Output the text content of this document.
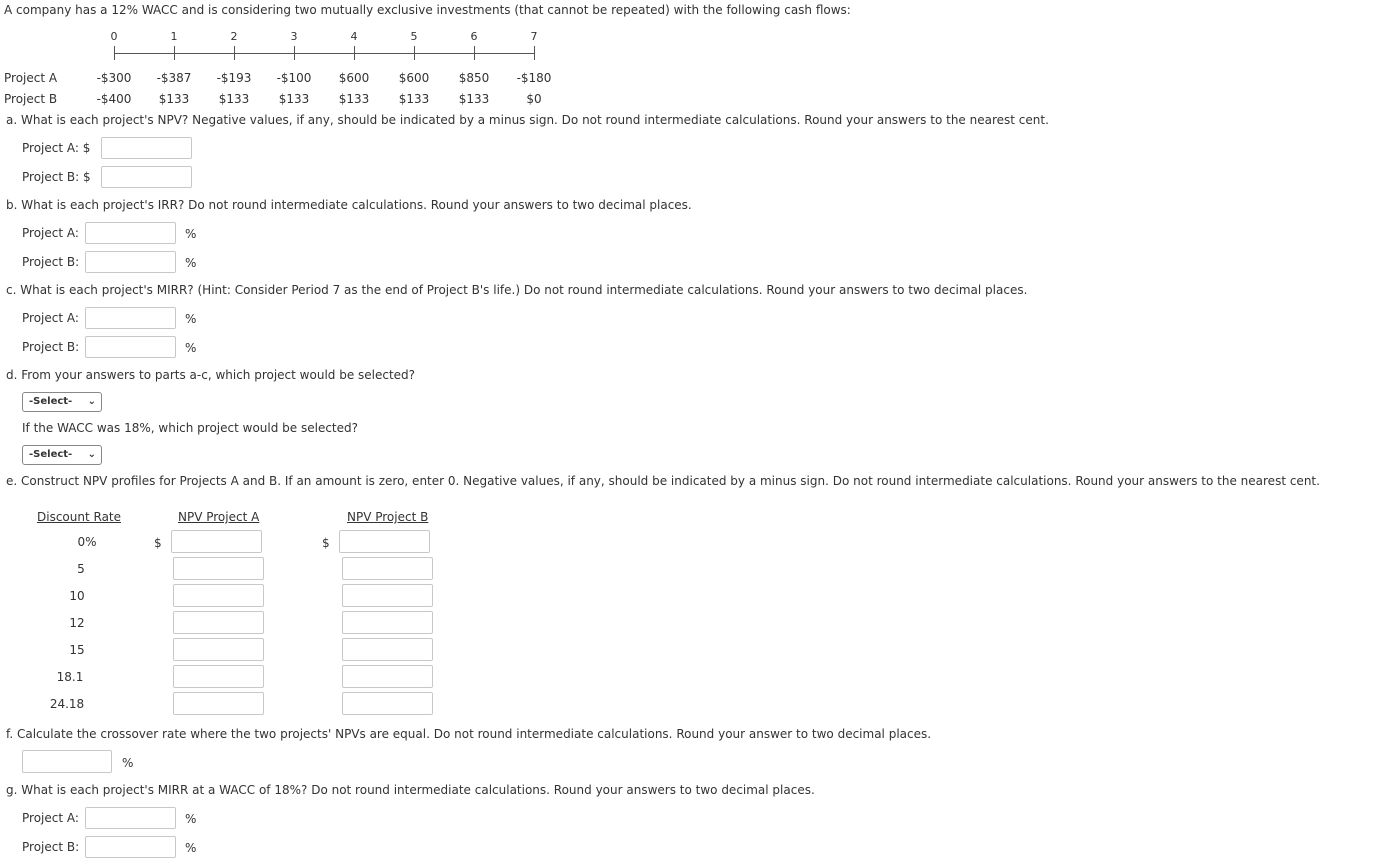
A company has a 12% WACC and is considering two mutually exclusive investments (that cannot be repeated) with the following cash flows:
0	1	2	3	4	5	6	7
Project A	-$300	-$387	-$193	-$100	$600	$600	$850	-$180
Project B	-$400	$133	$133	$133	$133	$133	$133	$0
a. What is each project's NPV? Negative values, if any, should be indicated by a minus sign. Do not round intermediate calculations. Round your answers to the nearest cent.
Project A: $
Project B: $
b. What is each project's IRR? Do not round intermediate calculations. Round your answers to two decimal places.
Project A:	%
Project B:	%
c. What is each project's MIRR? (Hint: Consider Period 7 as the end of Project B's life.) Do not round intermediate calculations. Round your answers to two decimal places.
Project A:	%
Project B:	%
d. From your answers to parts a-c, which project would be selected?
-Select- ⌄
If the WACC was 18%, which project would be selected?
-Select- ⌄
e. Construct NPV profiles for Projects A and B. If an amount is zero, enter 0. Negative values, if any, should be indicated by a minus sign. Do not round intermediate calculations. Round your answers to the nearest cent.
Discount Rate	NPV Project A	NPV Project B
$	$
0%
5
10
12
15
18.1
24.18
f. Calculate the crossover rate where the two projects' NPVs are equal. Do not round intermediate calculations. Round your answer to two decimal places.
%
g. What is each project's MIRR at a WACC of 18%? Do not round intermediate calculations. Round your answers to two decimal places.
Project A:	%
Project B:	%
